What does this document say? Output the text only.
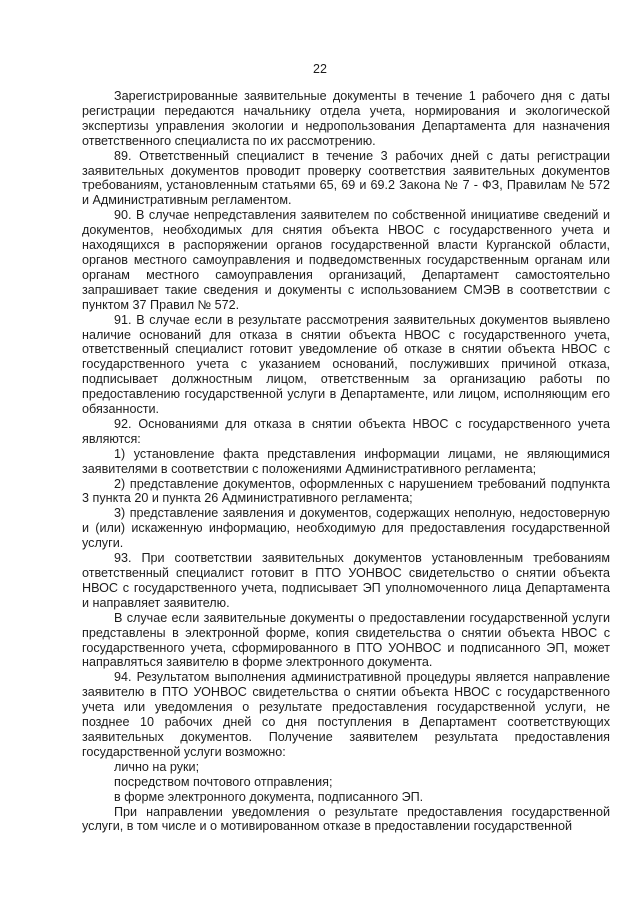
22

Зарегистрированные заявительные документы в течение 1 рабочего дня с даты регистрации передаются начальнику отдела учета, нормирования и экологической экспертизы управления экологии и недропользования Департамента для назначения ответственного специалиста по их рассмотрению.

89. Ответственный специалист в течение 3 рабочих дней с даты регистрации заявительных документов проводит проверку соответствия заявительных документов требованиям, установленным статьями 65, 69 и 69.2 Закона № 7 - ФЗ, Правилам № 572 и Административным регламентом.

90. В случае непредставления заявителем по собственной инициативе сведений и документов, необходимых для снятия объекта НВОС с государственного учета и находящихся в распоряжении органов государственной власти Курганской области, органов местного самоуправления и подведомственных государственным органам или органам местного самоуправления организаций, Департамент самостоятельно запрашивает такие сведения и документы с использованием СМЭВ в соответствии с пунктом 37 Правил № 572.

91. В случае если в результате рассмотрения заявительных документов выявлено наличие оснований для отказа в снятии объекта НВОС с государственного учета, ответственный специалист готовит уведомление об отказе в снятии объекта НВОС с государственного учета с указанием оснований, послуживших причиной отказа, подписывает должностным лицом, ответственным за организацию работы по предоставлению государственной услуги в Департаменте, или лицом, исполняющим его обязанности.

92. Основаниями для отказа в снятии объекта НВОС с государственного учета являются:

1) установление факта представления информации лицами, не являющимися заявителями в соответствии с положениями Административного регламента;

2) представление документов, оформленных с нарушением требований подпункта 3 пункта 20 и пункта 26 Административного регламента;

3) представление заявления и документов, содержащих неполную, недостоверную и (или) искаженную информацию, необходимую для предоставления государственной услуги.

93. При соответствии заявительных документов установленным требованиям ответственный специалист готовит в ПТО УОНВОС свидетельство о снятии объекта НВОС с государственного учета, подписывает ЭП уполномоченного лица Департамента и направляет заявителю.

В случае если заявительные документы о предоставлении государственной услуги представлены в электронной форме, копия свидетельства о снятии объекта НВОС с государственного учета, сформированного в ПТО УОНВОС и подписанного ЭП, может направляться заявителю в форме электронного документа.

94. Результатом выполнения административной процедуры является направление заявителю в ПТО УОНВОС свидетельства о снятии объекта НВОС с государственного учета или уведомления о результате предоставления государственной услуги, не позднее 10 рабочих дней со дня поступления в Департамент соответствующих заявительных документов. Получение заявителем результата предоставления государственной услуги возможно:

лично на руки;

посредством почтового отправления;

в форме электронного документа, подписанного ЭП.

При направлении уведомления о результате предоставления государственной услуги, в том числе и о мотивированном отказе в предоставлении государственной
